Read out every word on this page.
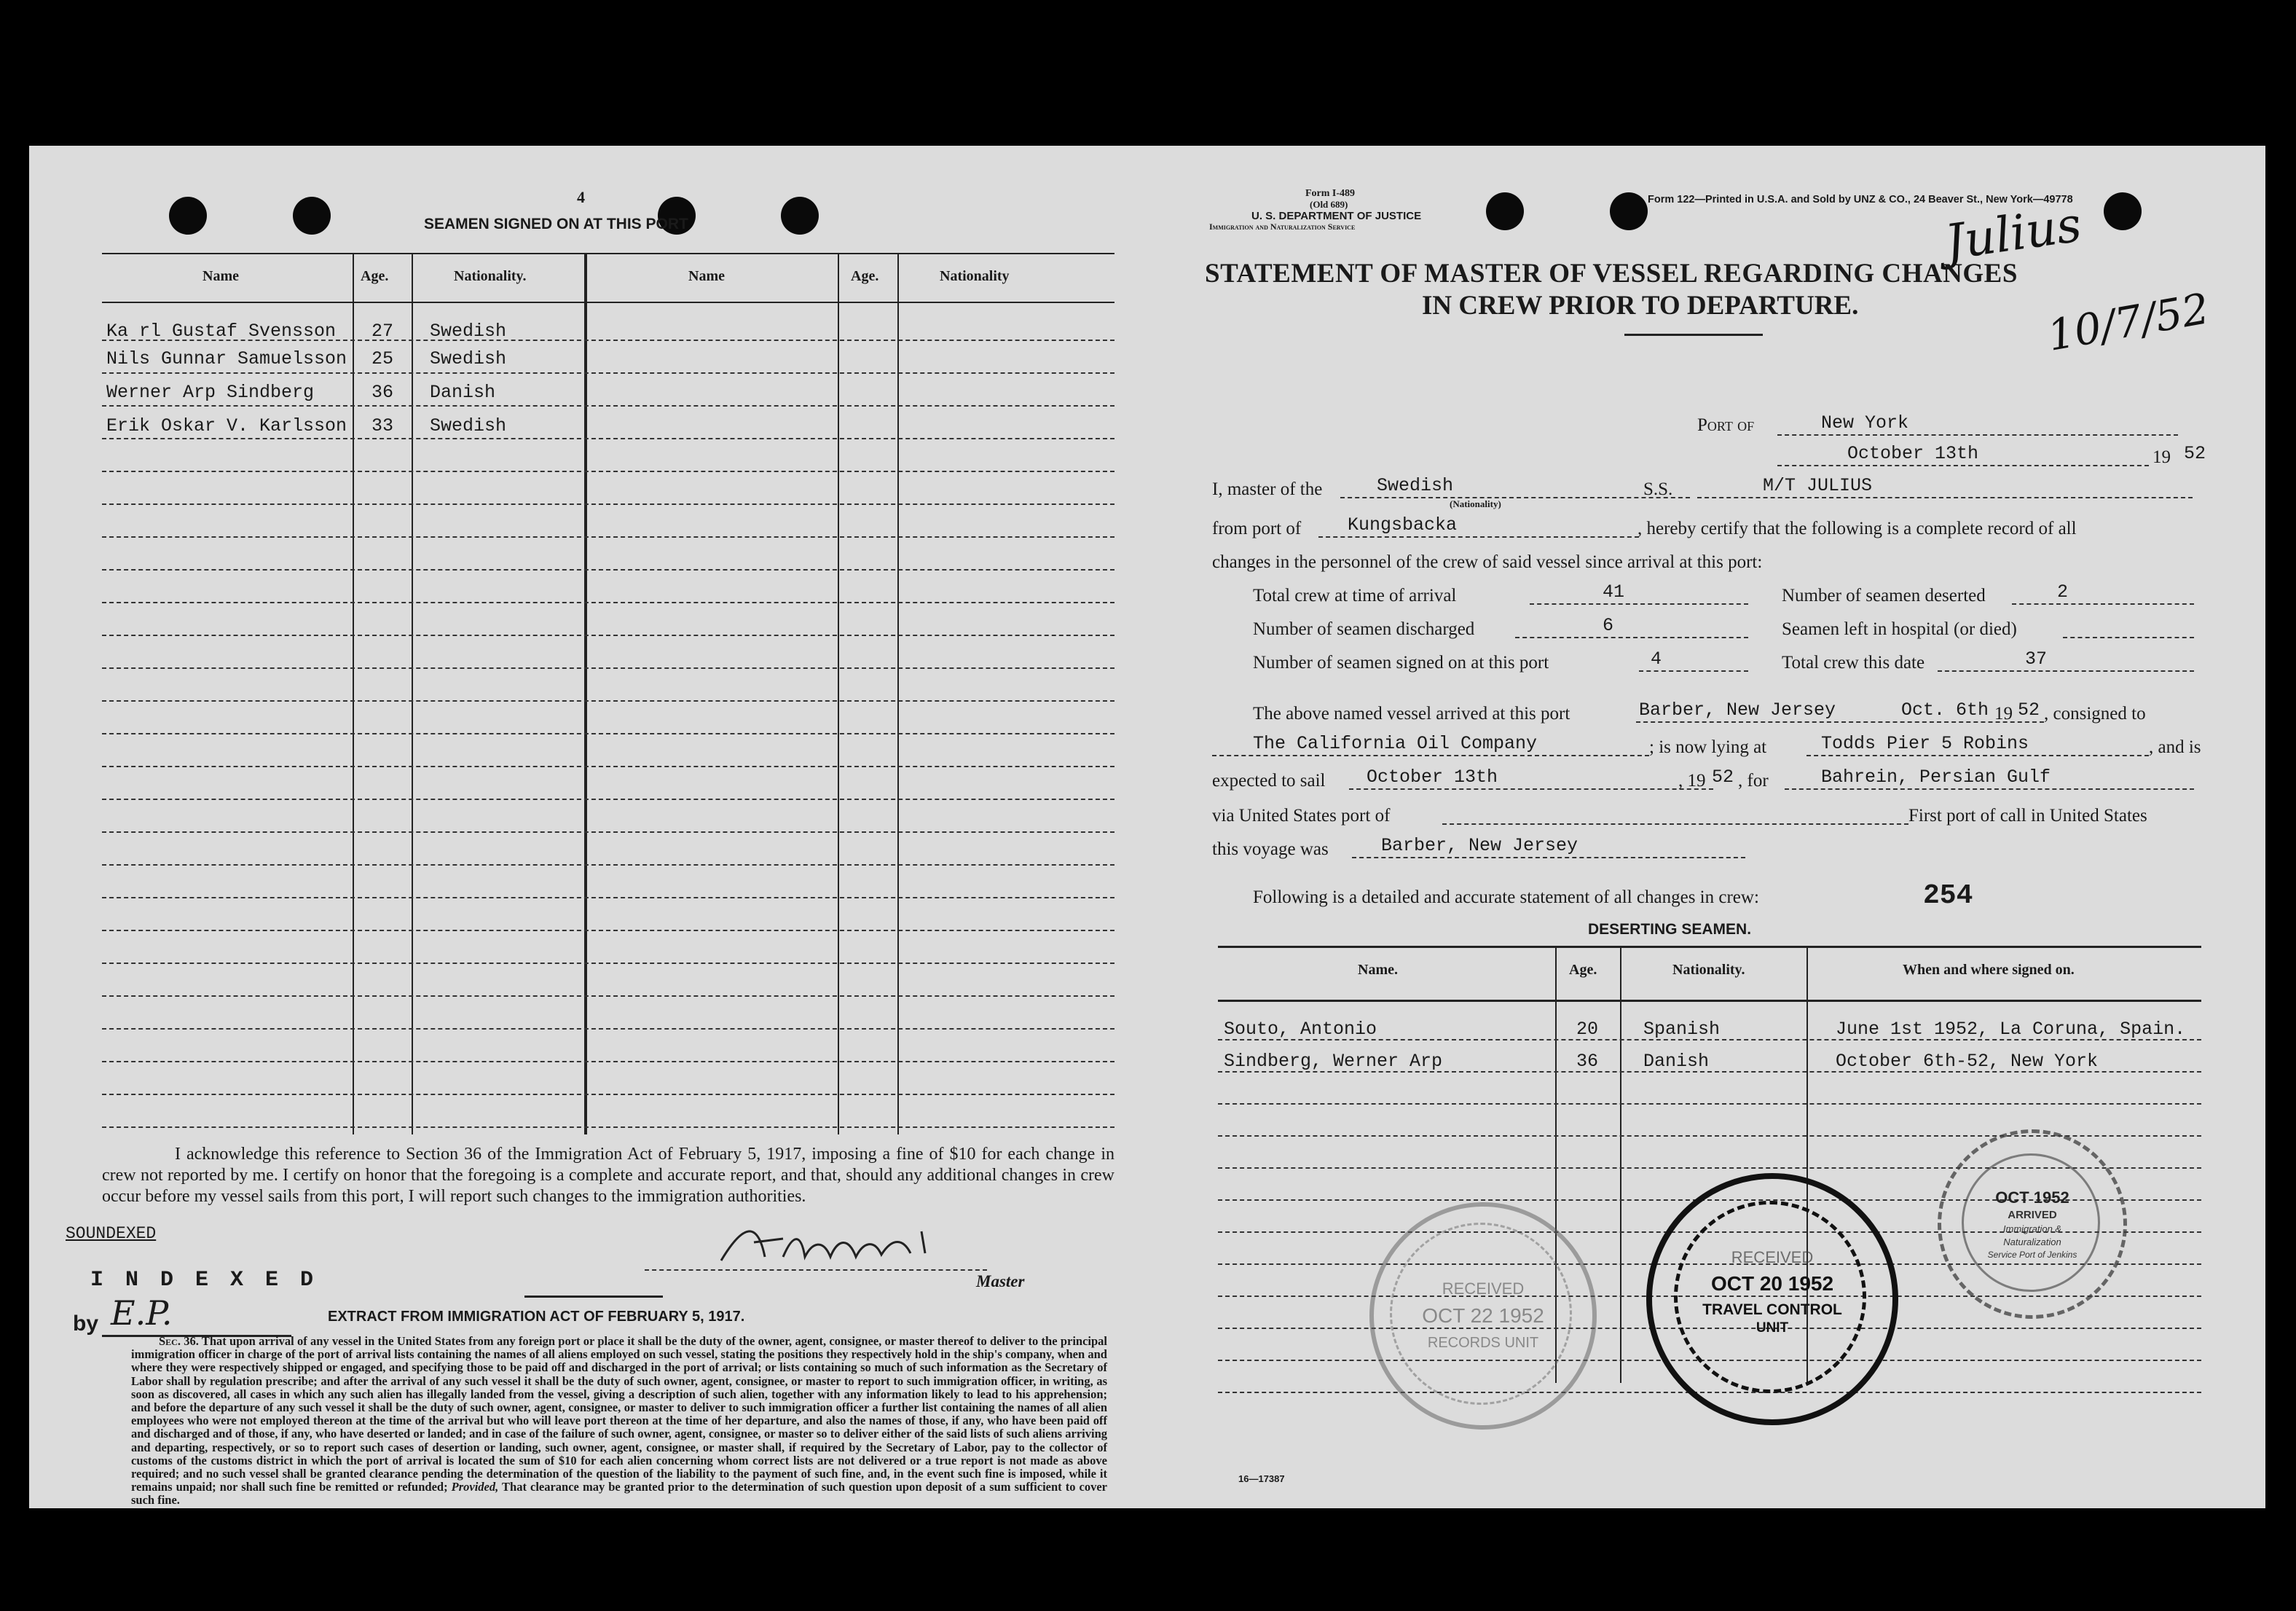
4
SEAMEN SIGNED ON AT THIS PORT
Name	Age.	Nationality.	Name	Age.	Nationality
Ka rl Gustaf Svensson 27 Swedish
Nils Gunnar Samuelsson 25 Swedish
Werner Arp Sindberg	36 Danish
Erik Oskar V. Karlsson 33 Swedish
I acknowledge this reference to Section 36 of the Immigration Act of February 5, 1917, imposing a fine of $10 for each change in crew not reported by me. I certify on honor that the foregoing is a complete and accurate report, and that, should any additional changes in crew occur before my vessel sails from this port, I will report such changes to the immigration authorities.
SOUNDEXED
I N D E X E D
by E.P.
Master
EXTRACT FROM IMMIGRATION ACT OF FEBRUARY 5, 1917.
Sec. 36. That upon arrival of any vessel in the United States from any foreign port or place it shall be the duty of the owner, agent, consignee, or master thereof to deliver to the principal immigration officer in charge of the port of arrival lists containing the names of all aliens employed on such vessel, stating the positions they respectively hold in the ship's company, when and where they were respectively shipped or engaged, and specifying those to be paid off and discharged in the port of arrival; or lists containing so much of such information as the Secretary of Labor shall by regulation prescribe; and after the arrival of any such vessel it shall be the duty of such owner, agent, consignee, or master to report to such immigration officer, in writing, as soon as discovered, all cases in which any such alien has illegally landed from the vessel, giving a description of such alien, together with any information likely to lead to his apprehension; and before the departure of any such vessel it shall be the duty of such owner, agent, consignee, or master to deliver to such immigration officer a further list containing the names of all alien employees who were not employed thereon at the time of the arrival but who will leave port thereon at the time of her departure, and also the names of those, if any, who have been paid off and discharged and of those, if any, who have deserted or landed; and in case of the failure of such owner, agent, consignee, or master so to deliver either of the said lists of such aliens arriving and departing, respectively, or so to report such cases of desertion or landing, such owner, agent, consignee, or master shall, if required by the Secretary of Labor, pay to the collector of customs of the customs district in which the port of arrival is located the sum of $10 for each alien concerning whom correct lists are not delivered or a true report is not made as above required; and no such vessel shall be granted clearance pending the determination of the question of the liability to the payment of such fine, and, in the event such fine is imposed, while it remains unpaid; nor shall such fine be remitted or refunded; Provided, That clearance may be granted prior to the determination of such question upon deposit of a sum sufficient to cover such fine.
Form I-489
(Old 689)
U. S. DEPARTMENT OF JUSTICE
Immigration and Naturalization Service
Form 122—Printed in U.S.A. and Sold by UNZ & CO., 24 Beaver St., New York—49778
Julius
10/7/52
STATEMENT OF MASTER OF VESSEL REGARDING CHANGES
IN CREW PRIOR TO DEPARTURE.
Port of	New York
October 13th	19 52
I, master of the	Swedish
(Nationality)
S.S.	M/T JULIUS
from port of	Kungsbacka	, hereby certify that the following is a complete record of all
changes in the personnel of the crew of said vessel since arrival at this port:
Total crew at time of arrival	41	Number of seamen deserted	2
Number of seamen discharged	6	Seamen left in hospital (or died)
Number of seamen signed on at this port	4	Total crew this date	37
The above named vessel arrived at this port	Barber, New Jersey	Oct. 6th 19 52 , consigned to
The California Oil Company	; is now lying at	Todds Pier 5 Robins	, and is
expected to sail October 13th	, 19 52 , for	Bahrein, Persian Gulf
via United States port of	First port of call in United States
this voyage was	Barber, New Jersey
Following is a detailed and accurate statement of all changes in crew:	254
DESERTING SEAMEN.
Name.	Age.	Nationality.	When and where signed on.
Souto, Antonio	20 Spanish	June 1st 1952, La Coruna, Spain.
Sindberg, Werner Arp	36 Danish	October 6th-52, New York
RECEIVED
OCT 22 1952
RECORDS UNIT
RECEIVED
OCT 20 1952
TRAVEL CONTROL
UNIT
OCT 1952
ARRIVED
Immigration &
Naturalization
Service Port of Jenkins
16—17387
